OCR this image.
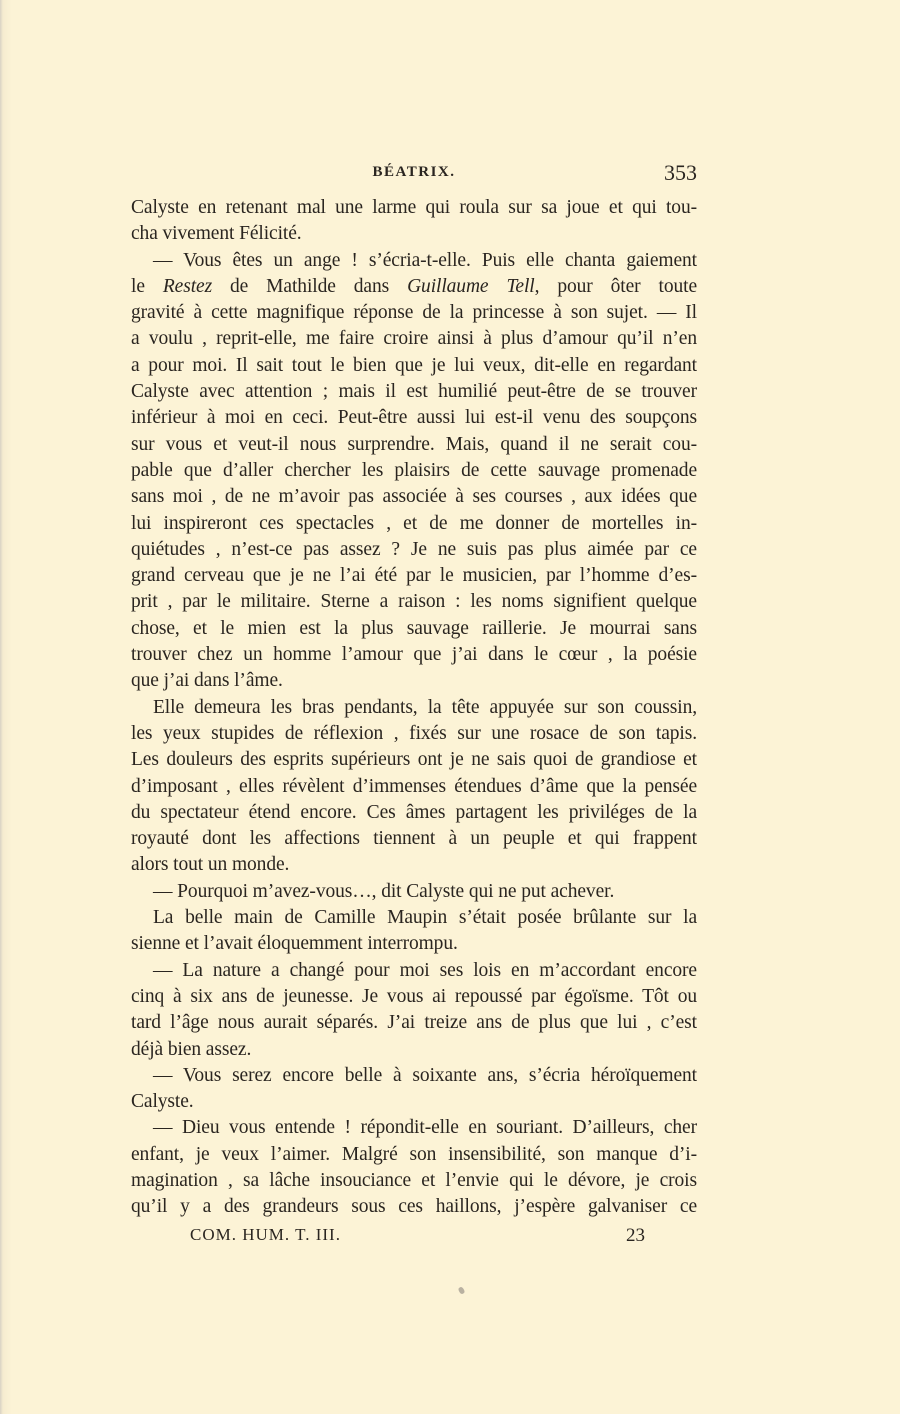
BÉATRIX.	353
Calyste en retenant mal une larme qui roula sur sa joue et qui tou-
cha vivement Félicité.
— Vous êtes un ange ! s’écria-t-elle. Puis elle chanta gaiement
le Restez de Mathilde dans Guillaume Tell, pour ôter toute
gravité à cette magnifique réponse de la princesse à son sujet. — Il
a voulu , reprit-elle, me faire croire ainsi à plus d’amour qu’il n’en
a pour moi. Il sait tout le bien que je lui veux, dit-elle en regardant
Calyste avec attention ; mais il est humilié peut-être de se trouver
inférieur à moi en ceci. Peut-être aussi lui est-il venu des soupçons
sur vous et veut-il nous surprendre. Mais, quand il ne serait cou-
pable que d’aller chercher les plaisirs de cette sauvage promenade
sans moi , de ne m’avoir pas associée à ses courses , aux idées que
lui inspireront ces spectacles , et de me donner de mortelles in-
quiétudes , n’est-ce pas assez ? Je ne suis pas plus aimée par ce
grand cerveau que je ne l’ai été par le musicien, par l’homme d’es-
prit , par le militaire. Sterne a raison : les noms signifient quelque
chose, et le mien est la plus sauvage raillerie. Je mourrai sans
trouver chez un homme l’amour que j’ai dans le cœur , la poésie
que j’ai dans l’âme.
Elle demeura les bras pendants, la tête appuyée sur son coussin,
les yeux stupides de réflexion , fixés sur une rosace de son tapis.
Les douleurs des esprits supérieurs ont je ne sais quoi de grandiose et
d’imposant , elles révèlent d’immenses étendues d’âme que la pensée
du spectateur étend encore. Ces âmes partagent les priviléges de la
royauté dont les affections tiennent à un peuple et qui frappent
alors tout un monde.
— Pourquoi m’avez-vous…, dit Calyste qui ne put achever.
La belle main de Camille Maupin s’était posée brûlante sur la
sienne et l’avait éloquemment interrompu.
— La nature a changé pour moi ses lois en m’accordant encore
cinq à six ans de jeunesse. Je vous ai repoussé par égoïsme. Tôt ou
tard l’âge nous aurait séparés. J’ai treize ans de plus que lui , c’est
déjà bien assez.
— Vous serez encore belle à soixante ans, s’écria héroïquement
Calyste.
— Dieu vous entende ! répondit-elle en souriant. D’ailleurs, cher
enfant, je veux l’aimer. Malgré son insensibilité, son manque d’i-
magination , sa lâche insouciance et l’envie qui le dévore, je crois
qu’il y a des grandeurs sous ces haillons, j’espère galvaniser ce
COM. HUM. T. III.	23
